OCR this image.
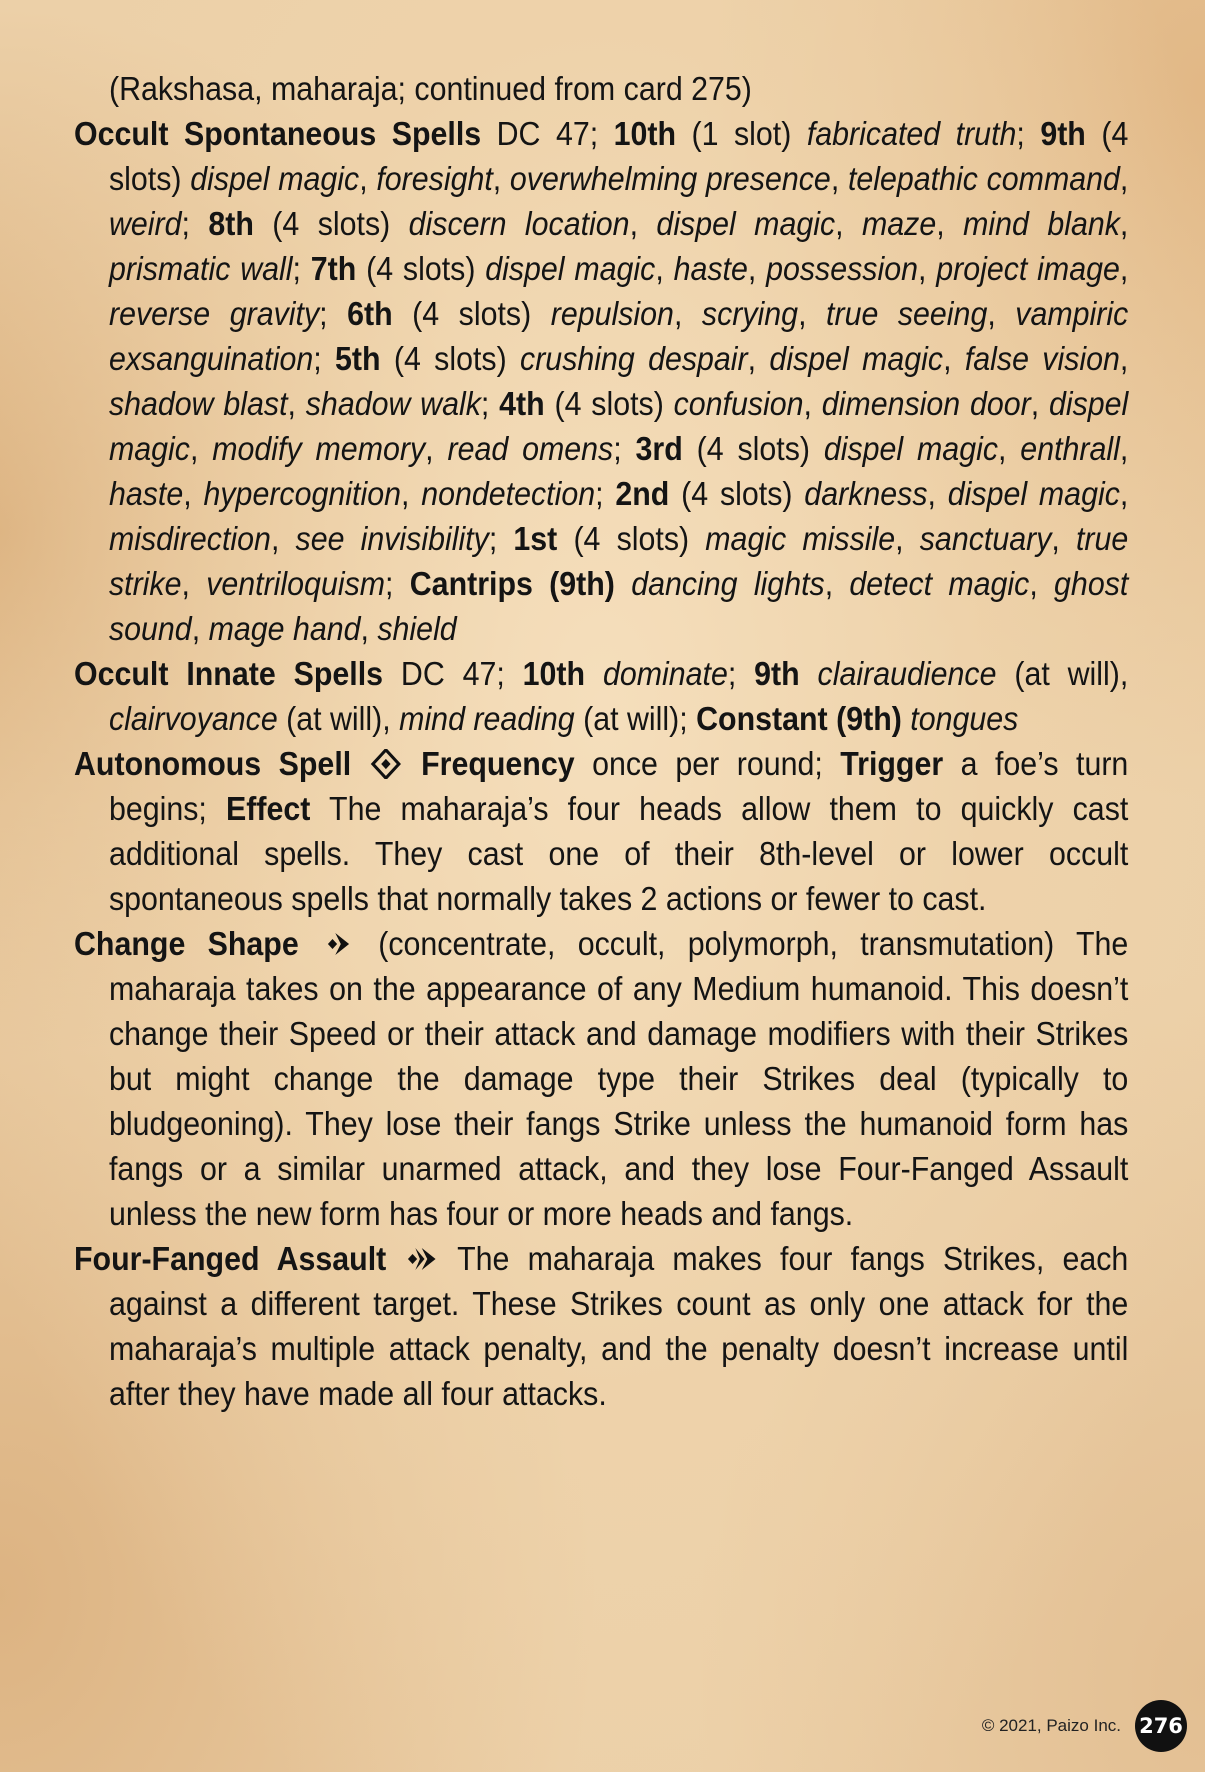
(Rakshasa, maharaja; continued from card 275)

Occult Spontaneous Spells DC 47; 10th (1 slot) fabricated truth; 9th (4 slots) dispel magic, foresight, overwhelming presence, telepathic command, weird; 8th (4 slots) discern location, dispel magic, maze, mind blank, prismatic wall; 7th (4 slots) dispel magic, haste, possession, project image, reverse gravity; 6th (4 slots) repulsion, scrying, true seeing, vampiric exsanguination; 5th (4 slots) crushing despair, dispel magic, false vision, shadow blast, shadow walk; 4th (4 slots) confusion, dimension door, dispel magic, modify memory, read omens; 3rd (4 slots) dispel magic, enthrall, haste, hypercognition, nondetection; 2nd (4 slots) darkness, dispel magic, misdirection, see invisibility; 1st (4 slots) magic missile, sanctuary, true strike, ventriloquism; Cantrips (9th) dancing lights, detect magic, ghost sound, mage hand, shield

Occult Innate Spells DC 47; 10th dominate; 9th clairaudience (at will), clairvoyance (at will), mind reading (at will); Constant (9th) tongues

Autonomous Spell Frequency once per round; Trigger a foe’s turn begins; Effect The maharaja’s four heads allow them to quickly cast additional spells. They cast one of their 8th-level or lower occult spontaneous spells that normally takes 2 actions or fewer to cast.

Change Shape  (concentrate, occult, polymorph, transmutation) The maharaja takes on the appearance of any Medium humanoid. This doesn’t change their Speed or their attack and damage modifiers with their Strikes but might change the damage type their Strikes deal (typically to bludgeoning). They lose their fangs Strike unless the humanoid form has fangs or a similar unarmed attack, and they lose Four-Fanged Assault unless the new form has four or more heads and fangs.

Four-Fanged Assault  The maharaja makes four fangs Strikes, each against a different target. These Strikes count as only one attack for the maharaja’s multiple attack penalty, and the penalty doesn’t increase until after they have made all four attacks.

© 2021, Paizo Inc. 276
